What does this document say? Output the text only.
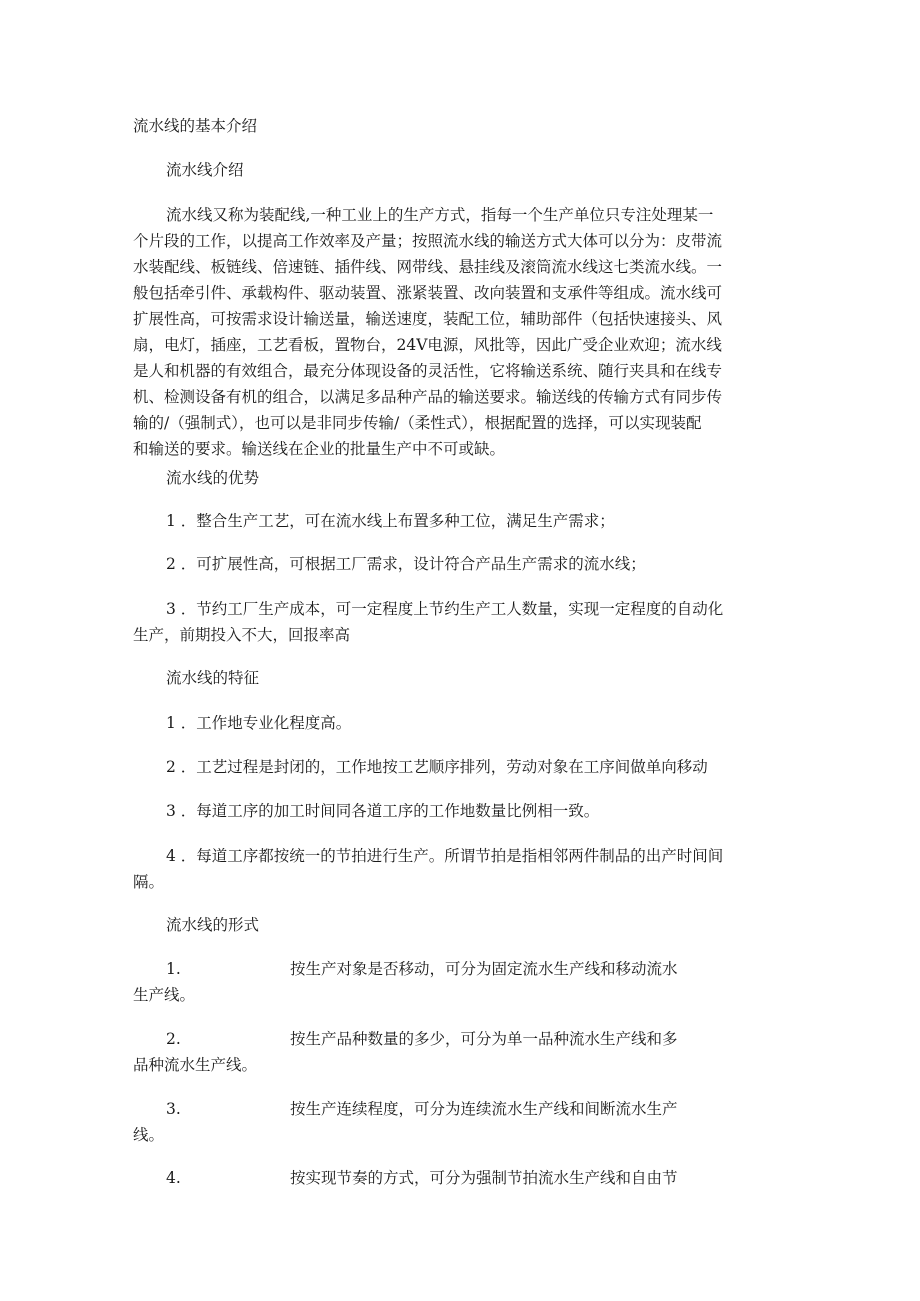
流水线的基本介绍
流水线介绍
流水线又称为装配线,一种工业上的生产方式，指每一个生产单位只专注处理某一
个片段的工作，以提高工作效率及产量；按照流水线的输送方式大体可以分为：皮带流
水装配线、板链线、倍速链、插件线、网带线、悬挂线及滚筒流水线这七类流水线。一
般包括牵引件、承载构件、驱动装置、涨紧装置、改向装置和支承件等组成。流水线可
扩展性高，可按需求设计输送量，输送速度，装配工位，辅助部件（包括快速接头、风
扇，电灯，插座，工艺看板，置物台，24V电源，风批等，因此广受企业欢迎；流水线
是人和机器的有效组合，最充分体现设备的灵活性，它将输送系统、随行夹具和在线专
机、检测设备有机的组合，以满足多品种产品的输送要求。输送线的传输方式有同步传
输的/（强制式），也可以是非同步传输/（柔性式），根据配置的选择，可以实现装配
和输送的要求。输送线在企业的批量生产中不可或缺。
流水线的优势
1 ．整合生产工艺，可在流水线上布置多种工位，满足生产需求；
2 ．可扩展性高，可根据工厂需求，设计符合产品生产需求的流水线；
3 ．节约工厂生产成本，可一定程度上节约生产工人数量，实现一定程度的自动化
生产，前期投入不大，回报率高
流水线的特征
1 ．工作地专业化程度高。
2 ．工艺过程是封闭的，工作地按工艺顺序排列，劳动对象在工序间做单向移动
3 ．每道工序的加工时间同各道工序的工作地数量比例相一致。
4 ．每道工序都按统一的节拍进行生产。所谓节拍是指相邻两件制品的出产时间间
隔。
流水线的形式
1.	按生产对象是否移动，可分为固定流水生产线和移动流水
生产线。
2.	按生产品种数量的多少，可分为单一品种流水生产线和多
品种流水生产线。
3.	按生产连续程度，可分为连续流水生产线和间断流水生产
线。
4.	按实现节奏的方式，可分为强制节拍流水生产线和自由节
